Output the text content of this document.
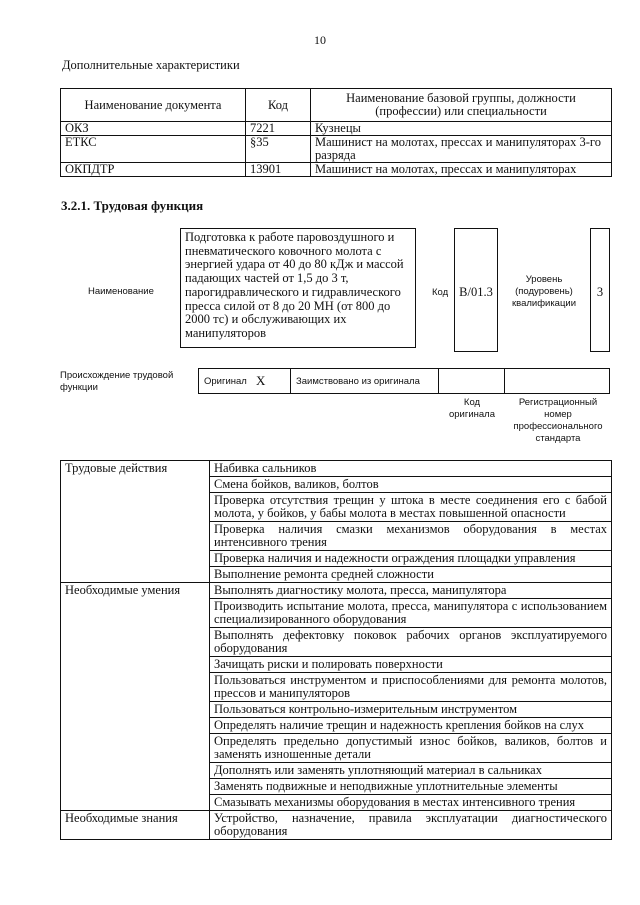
10
Дополнительные характеристики
Наименование документа	Код	Наименование базовой группы, должности (профессии) или специальности
ОКЗ	7221	Кузнецы
ЕТКС	§35	Машинист на молотах, прессах и манипуляторах 3-го разряда
ОКПДТР	13901	Машинист на молотах, прессах и манипуляторах
3.2.1. Трудовая функция
Наименование
Подготовка к работе паровоздушного и пневматического ковочного молота с энергией удара от 40 до 80 кДж и массой падающих частей от 1,5 до 3 т, парогидравлического и гидравлического пресса силой от 8 до 20 МН (от 800 до 2000 тс) и обслуживающих их манипуляторов
Код B/01.3
Уровень (подуровень) квалификации
3
Происхождение трудовой функции
Оригинал X	Заимствовано из оригинала
Код оригинала
Регистрационный номер профессионального стандарта
Трудовые действия	Набивка сальников
	Смена бойков, валиков, болтов
	Проверка отсутствия трещин у штока в месте соединения его с бабой молота, у бойков, у бабы молота в местах повышенной опасности
	Проверка наличия смазки механизмов оборудования в местах интенсивного трения
	Проверка наличия и надежности ограждения площадки управления
	Выполнение ремонта средней сложности
Необходимые умения	Выполнять диагностику молота, пресса, манипулятора
	Производить испытание молота, пресса, манипулятора с использованием специализированного оборудования
	Выполнять дефектовку поковок рабочих органов эксплуатируемого оборудования
	Зачищать риски и полировать поверхности
	Пользоваться инструментом и приспособлениями для ремонта молотов, прессов и манипуляторов
	Пользоваться контрольно-измерительным инструментом
	Определять наличие трещин и надежность крепления бойков на слух
	Определять предельно допустимый износ бойков, валиков, болтов и заменять изношенные детали
	Дополнять или заменять уплотняющий материал в сальниках
	Заменять подвижные и неподвижные уплотнительные элементы
	Смазывать механизмы оборудования в местах интенсивного трения
Необходимые знания	Устройство, назначение, правила эксплуатации диагностического оборудования
